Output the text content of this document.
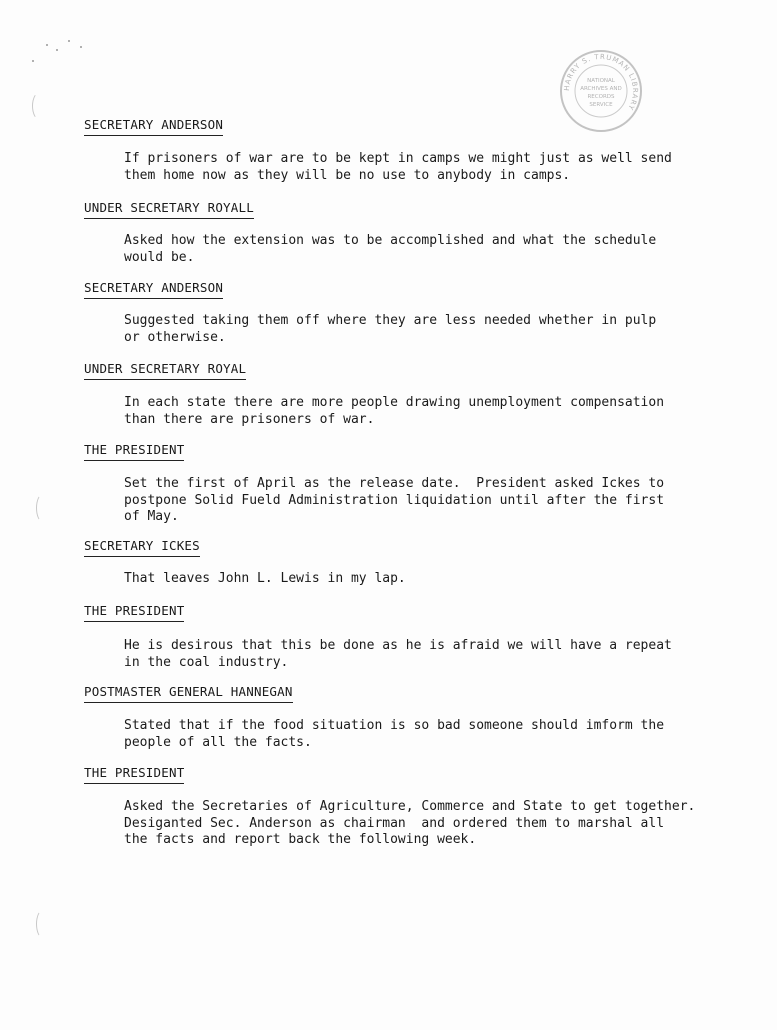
HARRY S. TRUMAN LIBRARY
NATIONAL
ARCHIVES AND
RECORDS
SERVICE
SECRETARY ANDERSON
If prisoners of war are to be kept in camps we might just as well send
them home now as they will be no use to anybody in camps.
UNDER SECRETARY ROYALL
Asked how the extension was to be accomplished and what the schedule
would be.
SECRETARY ANDERSON
Suggested taking them off where they are less needed whether in pulp
or otherwise.
UNDER SECRETARY ROYAL
In each state there are more people drawing unemployment compensation
than there are prisoners of war.
THE PRESIDENT
Set the first of April as the release date.  President asked Ickes to
postpone Solid Fueld Administration liquidation until after the first
of May.
SECRETARY ICKES
That leaves John L. Lewis in my lap.
THE PRESIDENT
He is desirous that this be done as he is afraid we will have a repeat
in the coal industry.
POSTMASTER GENERAL HANNEGAN
Stated that if the food situation is so bad someone should imform the
people of all the facts.
THE PRESIDENT
Asked the Secretaries of Agriculture, Commerce and State to get together.
Desiganted Sec. Anderson as chairman  and ordered them to marshal all
the facts and report back the following week.
